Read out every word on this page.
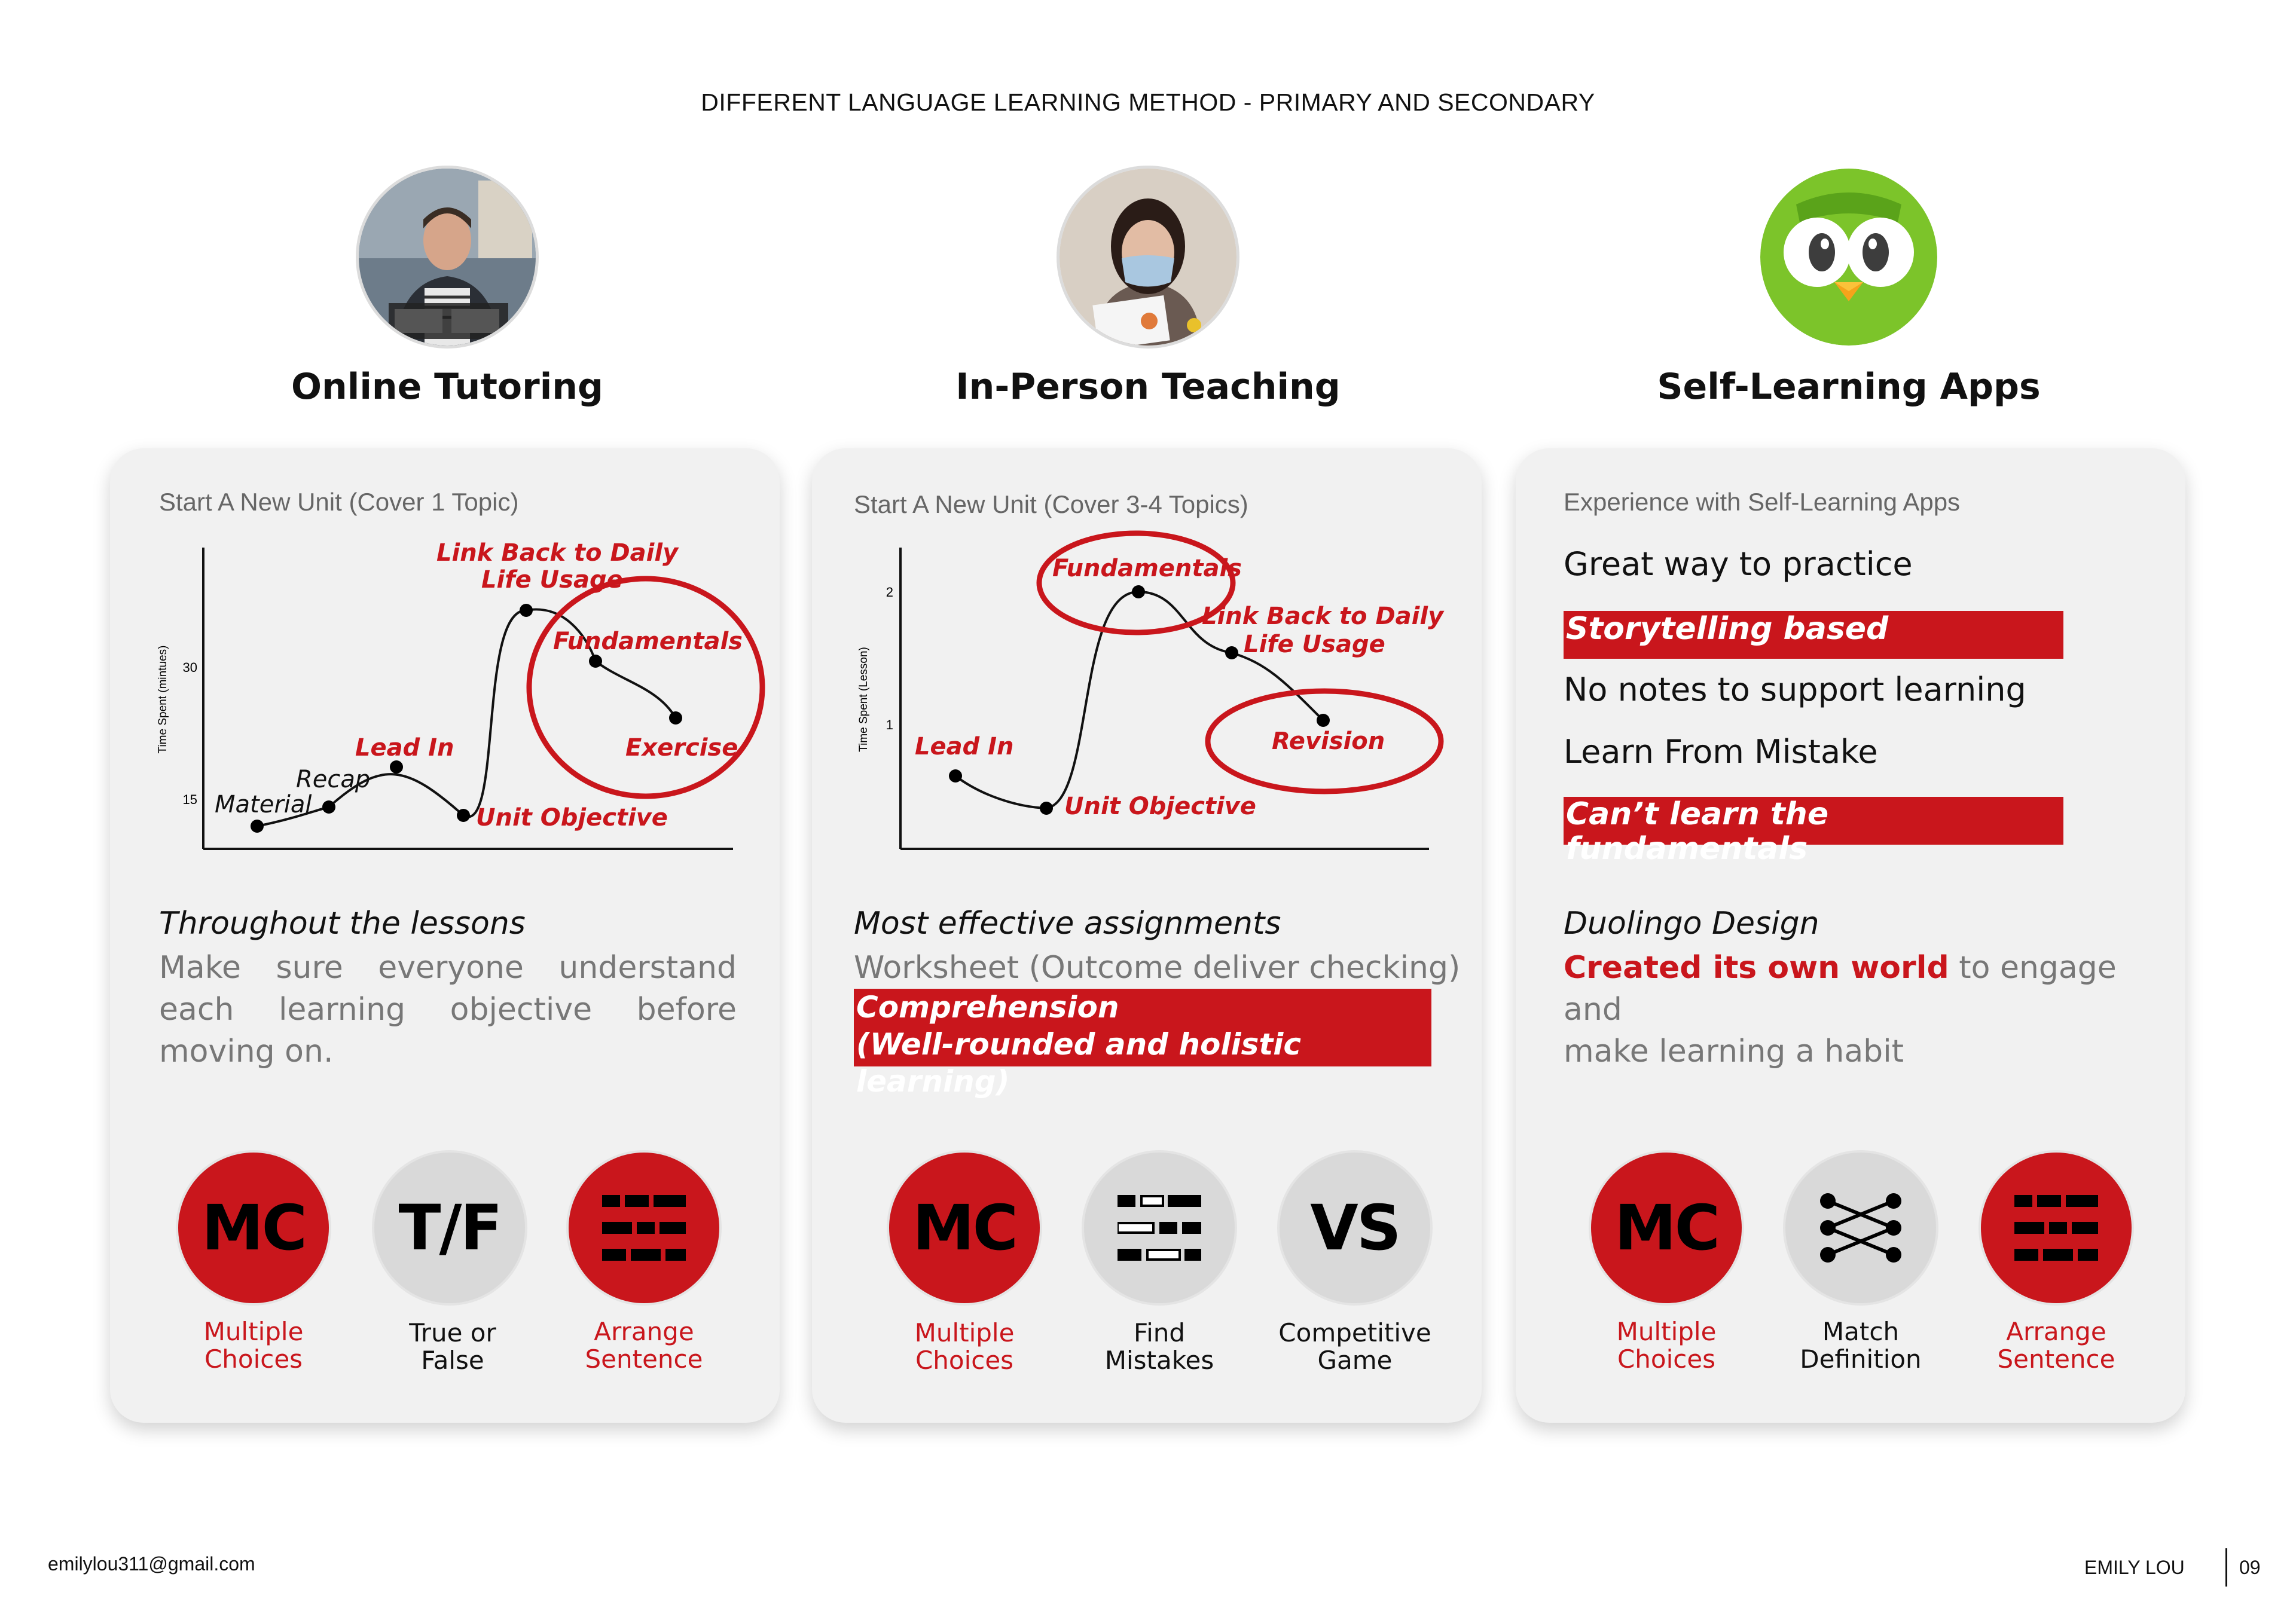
DIFFERENT LANGUAGE LEARNING METHOD - PRIMARY AND SECONDARY
Online Tutoring	In-Person Teaching	Self-Learning Apps
Start A New Unit (Cover 1 Topic)
Time Spent (mintues) 30
15 Material
Recap
Lead In
Unit Objective
Link Back to Daily
Life Usage
Fundamentals
Exercise
Throughout the lessons
Make sure everyone understand each learning objective before moving on.
MC T/F
Multiple
Choices
True or
False
Arrange
Sentence
Start A New Unit (Cover 3-4 Topics)
Time Spent (Lesson)
2
1
Lead In
Unit Objective
Fundamentals
Link Back to Daily
Life Usage
Revision
Most effective assignments
Worksheet (Outcome deliver checking)
Comprehension
(Well-rounded and holistic learning)
MC	VS
Multiple
Choices
Find
Mistakes
Competitive
Game
Experience with Self-Learning Apps
Great way to practice
Storytelling based
No notes to support learning
Learn From Mistake
Can’t learn the fundamentals
Duolingo Design
Created its own world to engage and
make learning a habit
MC
Multiple
Choices
Match
Definition
Arrange
Sentence
emilylou311@gmail.com	EMILY LOU	09
